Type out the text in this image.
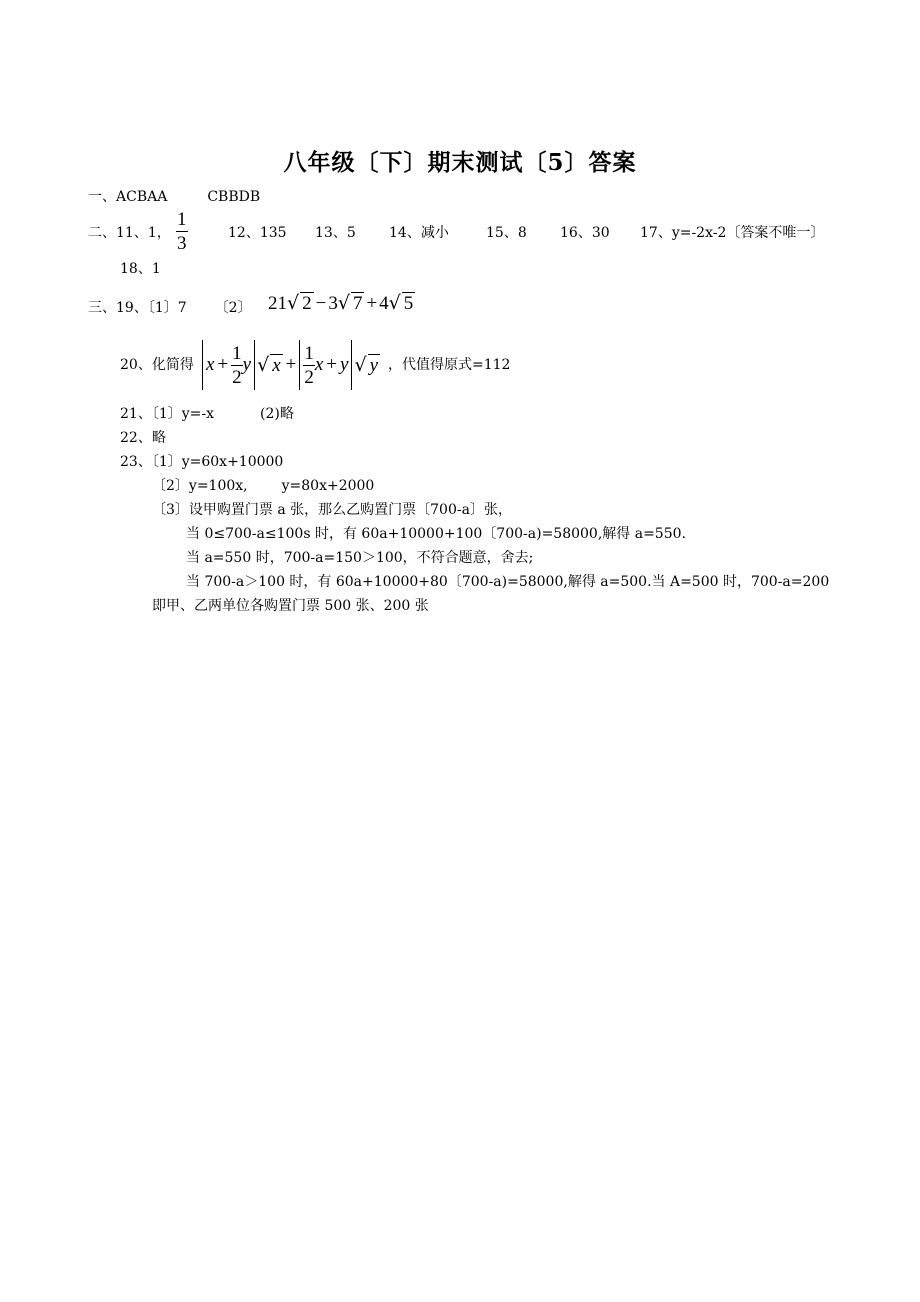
八年级〔下〕期末测试〔5〕答案
一、ACBAA	CBBDB
二、11、1， $\frac{1}{3}$	12、135 13、5 14、减小	15、8 16、30 17、y=-2x-2〔答案不唯一〕
18、1
三、19、〔1〕7 〔2〕 21√ 2 − 3√ 7 + 4√ 5
20、化简得 $x + \frac{1}{2}$ y √ $x + \frac{1}{2}$ x + y √ y ，代值得原式=112
21、〔1〕y=-x	(2)略
22、略
23、〔1〕y=60x+10000
〔2〕y=100x, y=80x+2000
〔3〕设甲购置门票 a 张，那么乙购置门票〔700-a〕张，
当 0≤700-a≤100s 时，有 60a+10000+100〔700-a)=58000,解得 a=550.
当 a=550 时，700-a=150＞100，不符合题意，舍去;
当 700-a＞100 时，有 60a+10000+80〔700-a)=58000,解得 a=500.当 A=500 时，700-a=200
即甲、乙两单位各购置门票 500 张、200 张
